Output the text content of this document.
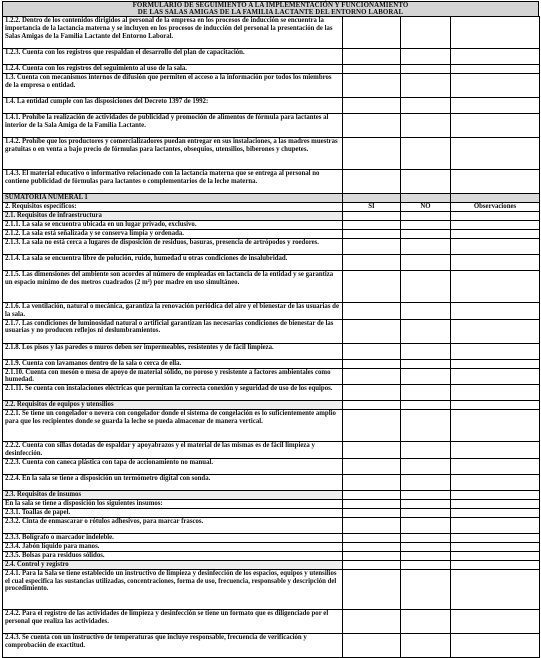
FORMULARIO DE SEGUIMIENTO A LA IMPLEMENTACIÓN Y FUNCIONAMIENTO
DE LAS SALAS AMIGAS DE LA FAMILIA LACTANTE DEL ENTORNO LABORAL
1.2.2. Dentro de los contenidos dirigidos al personal de la empresa en los procesos de inducción se encuentra la importancia de la lactancia materna y se incluyen en los procesos de inducción del personal la presentación de las Salas Amigas de la Familia Lactante del Entorno Laboral.			
1.2.3. Cuenta con los registros que respaldan el desarrollo del plan de capacitación.			
1.2.4. Cuenta con los registros del seguimiento al uso de la sala.			
1.3. Cuenta con mecanismos internos de difusión que permiten el acceso a la información por todos los miembros de la empresa o entidad.			
1.4. La entidad cumple con las disposiciones del Decreto 1397 de 1992:			
1.4.1. Prohíbe la realización de actividades de publicidad y promoción de alimentos de fórmula para lactantes al interior de la Sala Amiga de la Familia Lactante.			
1.4.2. Prohíbe que los productores y comercializadores puedan entregar en sus instalaciones, a las madres muestras gratuitas o en venta a bajo precio de fórmulas para lactantes, obsequios, utensilios, biberones y chupetes.			
1.4.3. El material educativo o informativo relacionado con la lactancia materna que se entrega al personal no contiene publicidad de fórmulas para lactantes o complementarios de la leche materna.			
SUMATORIA NUMERAL 1			
2. Requisitos específicos:	SÍ	NO	Observaciones
2.1. Requisitos de infraestructura			
2.1.1. La sala se encuentra ubicada en un lugar privado, exclusivo.			
2.1.2. La sala está señalizada y se conserva limpia y ordenada.			
2.1.3. La sala no está cerca a lugares de disposición de residuos, basuras, presencia de artrópodos y roedores.			
2.1.4. La sala se encuentra libre de polución, ruido, humedad u otras condiciones de insalubridad.			
2.1.5. Las dimensiones del ambiente son acordes al número de empleadas en lactancia de la entidad y se garantiza un espacio mínimo de dos metros cuadrados (2 m²) por madre en uso simultáneo.			
2.1.6. La ventilación, natural o mecánica, garantiza la renovación periódica del aire y el bienestar de las usuarias de la sala.			
2.1.7. Las condiciones de luminosidad natural o artificial garantizan las necesarias condiciones de bienestar de las usuarias y no producen reflejos ni deslumbramientos.			
2.1.8. Los pisos y las paredes o muros deben ser impermeables, resistentes y de fácil limpieza.			
2.1.9. Cuenta con lavamanos dentro de la sala o cerca de ella.			
2.1.10. Cuenta con mesón o mesa de apoyo de material sólido, no poroso y resistente a factores ambientales como humedad.			
2.1.11. Se cuenta con instalaciones eléctricas que permitan la correcta conexión y seguridad de uso de los equipos.			
2.2. Requisitos de equipos y utensilios			
2.2.1. Se tiene un congelador o nevera con congelador donde el sistema de congelación es lo suficientemente amplio para que los recipientes donde se guarda la leche se pueda almacenar de manera vertical.			
2.2.2. Cuenta con sillas dotadas de espaldar y apoyabrazos y el material de las mismas es de fácil limpieza y desinfección.			
2.2.3. Cuenta con caneca plástica con tapa de accionamiento no manual.			
2.2.4. En la sala se tiene a disposición un termómetro digital con sonda.			
2.3. Requisitos de insumos			
En la sala se tiene a disposición los siguientes insumos:			
2.3.1. Toallas de papel.			
2.3.2. Cinta de enmascarar o rótulos adhesivos, para marcar frascos.			
2.3.3. Bolígrafo o marcador indeleble.			
2.3.4. Jabón líquido para manos.			
2.3.5. Bolsas para residuos sólidos.			
2.4. Control y registro			
2.4.1. Para la Sala se tiene establecido un instructivo de limpieza y desinfección de los espacios, equipos y utensilios el cual especifica las sustancias utilizadas, concentraciones, forma de uso, frecuencia, responsable y descripción del procedimiento.			
2.4.2. Para el registro de las actividades de limpieza y desinfección se tiene un formato que es diligenciado por el personal que realiza las actividades.			
2.4.3. Se cuenta con un instructivo de temperaturas que incluye responsable, frecuencia de verificación y comprobación de exactitud.			
